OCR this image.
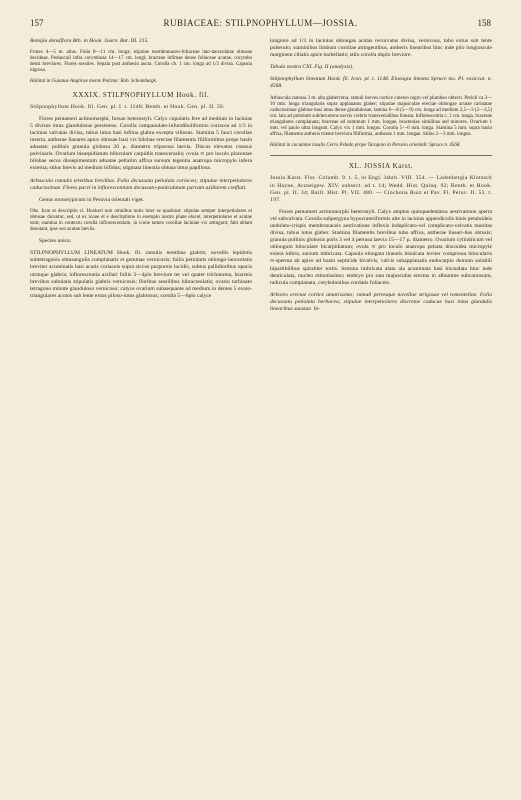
157	RUBIACEAE: STILPNOPHYLLUM—JOSSIA.	158

Remijia densiflora Bth. in Hook. Journ. Bot. III. 215.

Frutex 4—5 m. altus. Folia 8—11 cm. longa; stipulae membranaceo-foliaceae lato-lanceolatae obtusae deciduae. Pedunculi infra corymbosa 14—17 cm. longi; bracteae infimae dense foliaceae acutae, corymbo densi breviores. Flores sessiles. Sepala post anthesin aucta. Corolla cb. 1 cm. longa ad 1/3 divisa. Capsula nigrosa.

Habitat in Guianae Anglicae monte Parima: Rob. Schomburgk.

XXXIX. STILPNOPHYLLUM Hook. fil.

Stilpnophyllum Hook. fil. Gen. pl. I. t. 1148; Benth. et Hook. Gen. pl. II. 50.

Flores pentameri actinomorphi, forsan heterostyli. Calyx cupularis fere ad medium in lacinias 5 divisus intus glandulosus persistens. Corolla campanulato-infundibuliformis coriacea ad 1/3 in lacinias valvatas divisa, tubus intus basi infima glabra excepta villosus. Stamina 5 fauci corollae inserta, antherae lineares apice obtusae basi vix bilobae erectae filamentis filiformibus prope basin adnatae; pollinis granula globosa 20 µ. diametro triporosa laevia. Discus elevatus crassus pulvinaris. Ovarium biearpidiatum biloculare carpidiis transversalis; ovula ∞ pro loculo placentae bilobae secus dissepimentum adnatae peltatim affixa sursum tegentia anatropa micropyle infera externa; stilus brevis ad medium bifidus; stigmata linearia obtusa intus papillosa.

Arbuscula ramulis teretibus brevibus. Folia decussata petiolata coriacea; stipulae interpetiolares caducissimae. Flores parvi in inflorescentiam decussato-paniculatam parvam axillarem conflati.

Genus monotypicum in Peruvia orientali viget.

Obs. Icon et descriptio cl. Hookeri non omnibus notis inter se quadrant: stipulae semper interpetiolares et obtusae dicuntur, sed, ut ex icone et e descriptione in exemplo nostro plane elucet, interpetiolares et acutae sunt; stamina in contextu corolla inflorescentiam, in icone tamen corollae laciniae vix attingunt; fabi ablant denotant, ipse suo acutae laeviis.

Species unica:

STILPNOPHYLLUM LINEATUM Hook. fil. ramulis teretibus glabris; novellis lepidotis subtetragonis obtusangulis complanatis et gemmae vernicosis; foliis petiolatis oblongo-lanceolatis breviter acuminatis basi acutis coriaceis supra siccus purpureis lucidis, subtus pallidioribus opacis utrinque glabris; inflorescentia axillari foliis 3—4plo breviore ter vel quater trichotoma, bracteis brevibus subulatis stipulatis glabris vernicosis; floribus sessilibus bibracteolatis; ovario turbinato tetragono minute glanduloso vernicoso; calyce ovarium subaequante ad medium in dentes 5 ovato-triangulares acutos sub lente extus piloso-intus glabrosus; corolla 5—6plo calyce

longiore ad 1/3 in lacinias oblongas acutas recurvatas divisa, vernicosa, tubo extus sub lente puberulo; staminibus limbum corollae attingentibus, antheris linearibus hinc inde pilo longiuscule marginem ciliatis apice barbellatis; stilo corolla duplo breviore.

Tabula nostra CXI. Fig. II (analysis).

Stilpnophyllum lineatum Hook. fil. Icon. pl. t. 1148. Elaeagia lineata Spruce ms. Pl. exsiccat. n. 4568.

Arbuscula ramosa 3 m. alta glaberrima; ramuli breves cortice cinereo nigro vel plumbeo obtecti. Petioli ca 3—10 mm. longa triangularis supra applanatus glaber; stipulae majusculae erectae oblongae acutae carinatae caducissimae glabrae basi intus dense glandulosae; lamina 6—8 (5—9) cm. longa ad medium 2,5—3 (2—3,5) cm. lata ad petiolum subdecurrens nervis crebris transversalibus lineata. Inflorescentia c. 2 cm. longa, bracteae triangulares complanata; bracteae ad summum 1 mm. longae, bracteolae similibus sed minores. Ovarium 1 mm. vel paulo ultra longum. Calyx vix 1 mm. longus. Corolla 5—6 mm. longa. Stamina 5 mm. supra basin affixa, filamenta antheris triente breviora filiformia, antherae 1 mm. longae. Stilus 2—3 mm. longus.

Habitat in cacumine insulis Cerro Pelado prope Tarapoto in Peruvia orientali: Spruce n. 4568.

XL. JOSSIA Karst.

Jossia Karst. Flor. Columb. 9. t. 5, in Engl. Jahrb. VIII. 354. — Ladenbergia Klotzsch in Hayne, Arzneigew. XIV. subsect. ad t. 14; Wedd. Hist. Quinq. 92; Benth. et Hook. Gen. pl. II. 34; Baill. Hist. Pl. VII. 480. — Cinchona Ruiz et Pav. Fl. Peruv. II. 53. t. 197.

Flores pentameri actinomorphi heterostyli. Calyx amplus quinquedentatus aestivatione aperta vel subvalvata. Corolla subpergyna hypocrateriformis alte in lacinias appendiculis binis petaloideis undulato-crispis membranaceis aestivatione inflexis induplicato-vel complicato-valvatis munitas divisa, tubus intus glaber. Stamina filamentis brevibus tubo affixa, antherae lineari-bus obtusis; granula pollinis globosis poris 3 vel 4 pertusa laevia 15—17 µ. diametro. Ovarium cylindricum vel oblongum biloculare bicarpidiatum; ovula ∞ pro loculo anatropa peltata discoidea micropyle extera infera, sursum imbricata. Capsula elongata linearis bisulcata leviter compressa bilocularis ∞-sperma ab apice ad basin septicide bivalvis, valvis subapplanatis endocarpio demum solubili bipartibilibus spiraliter tortis. Semina imbricata alata ala acuminata basi bicaudata hinc inde denticulata, nucleo minutissimo; embryo pro rata majusculus erectus in albumine subcarnosum, radicula complanata, cotyledonibus cordatis foliaceis.

Arbores erectae cortice amarissimo; ramuli pertesque novellae strigosae vel tomentellae. Folia decussata petiolata herbacea; stipulae interpetiolares discretae caducae basi intus glandulis linearibus sunstae. In-
